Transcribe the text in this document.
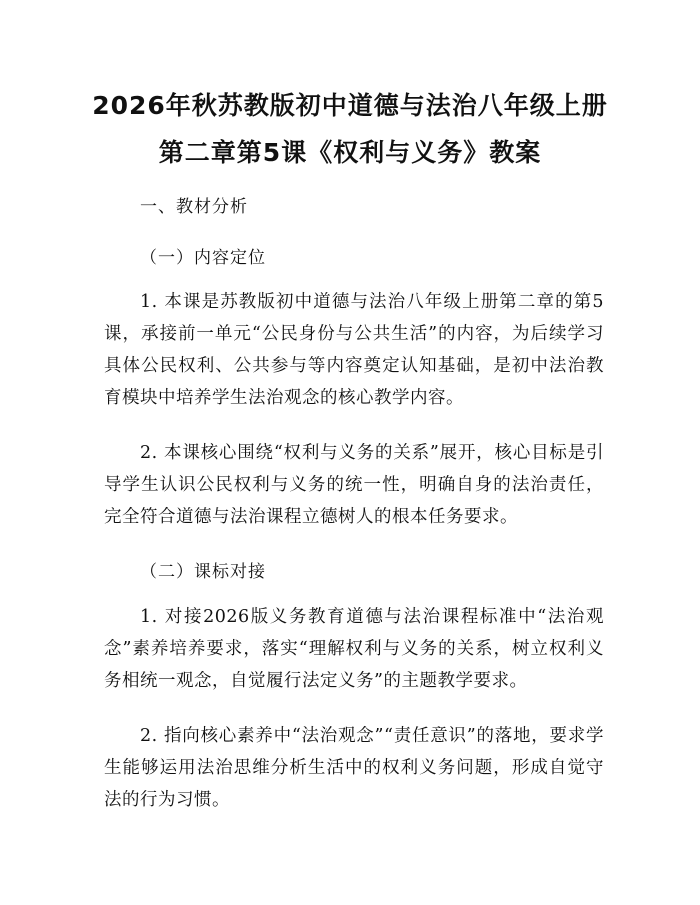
2026年秋苏教版初中道德与法治八年级上册
第二章第5课《权利与义务》教案
一、教材分析
（一）内容定位
1. 本课是苏教版初中道德与法治八年级上册第二章的第5课，承接前一单元“公民身份与公共生活”的内容，为后续学习具体公民权利、公共参与等内容奠定认知基础，是初中法治教育模块中培养学生法治观念的核心教学内容。
2. 本课核心围绕“权利与义务的关系”展开，核心目标是引导学生认识公民权利与义务的统一性，明确自身的法治责任，完全符合道德与法治课程立德树人的根本任务要求。
（二）课标对接
1. 对接2026版义务教育道德与法治课程标准中“法治观念”素养培养要求，落实“理解权利与义务的关系，树立权利义务相统一观念，自觉履行法定义务”的主题教学要求。
2. 指向核心素养中“法治观念”“责任意识”的落地，要求学生能够运用法治思维分析生活中的权利义务问题，形成自觉守法的行为习惯。
